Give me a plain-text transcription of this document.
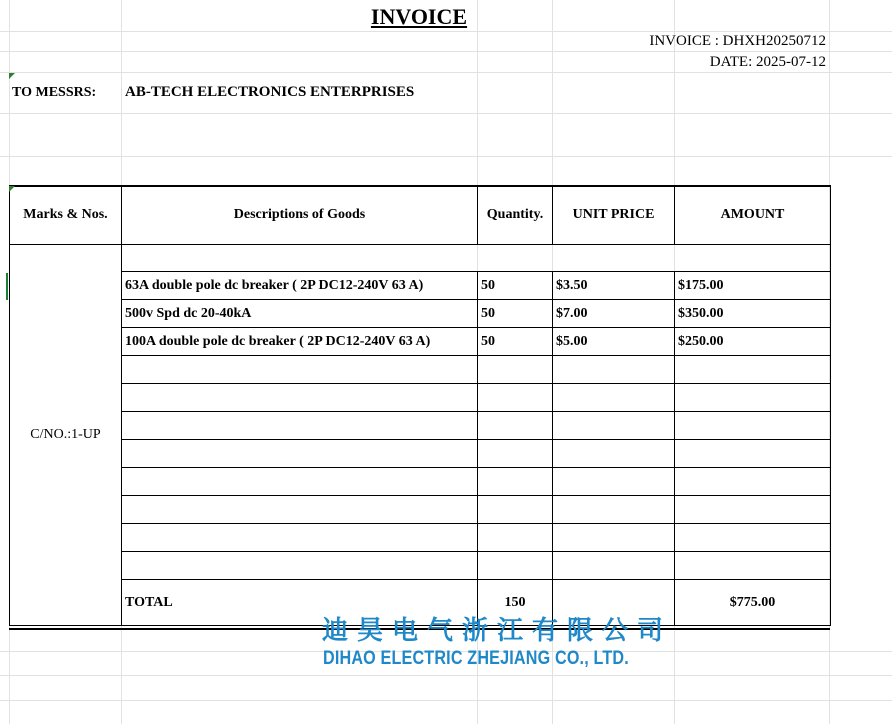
INVOICE
INVOICE : DHXH20250712
DATE: 2025-07-12
TO MESSRS: AB-TECH ELECTRONICS ENTERPRISES
Marks & Nos.	Descriptions of Goods	Quantity.	UNIT PRICE	AMOUNT
C/NO.:1-UP				
	63A double pole dc breaker ( 2P DC12-240V 63 A)	50	$3.50	$175.00
	500v Spd dc 20-40kA	50	$7.00	$350.00
	100A double pole dc breaker ( 2P DC12-240V 63 A)	50	$5.00	$250.00

	TOTAL	150		$775.00
迪昊电气浙江有限公司
DIHAO ELECTRIC ZHEJIANG CO., LTD.
